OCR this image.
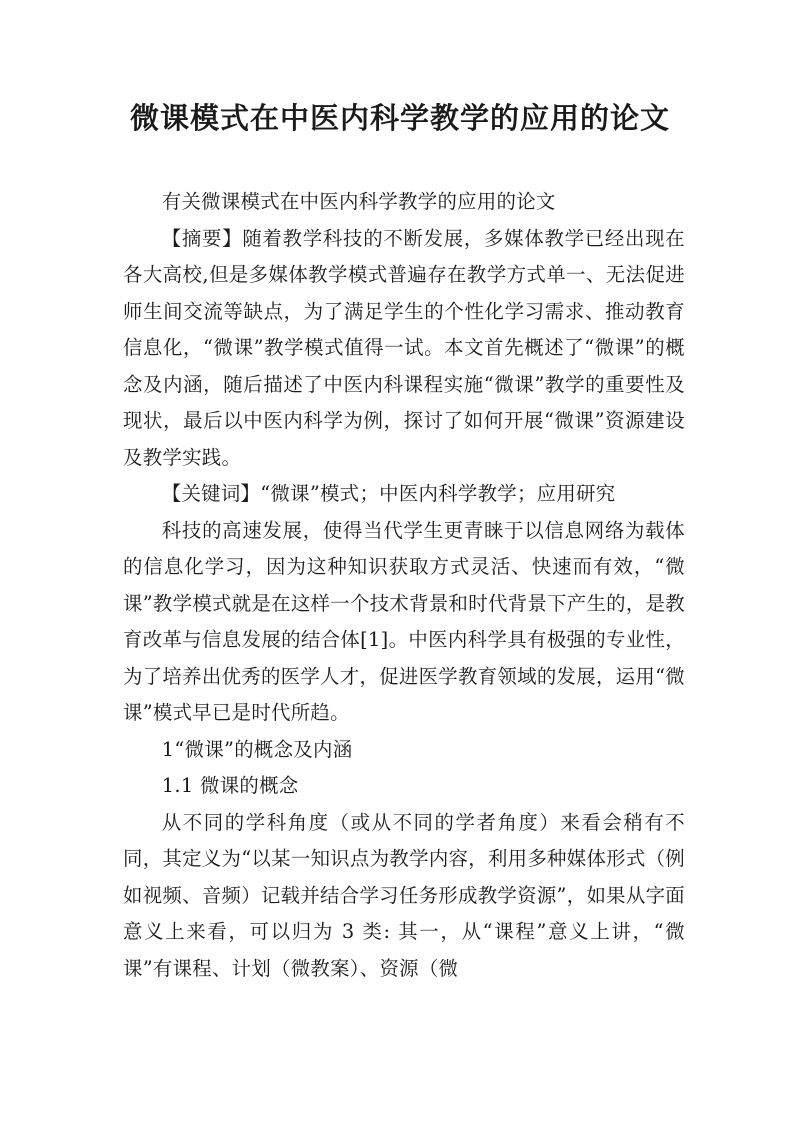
微课模式在中医内科学教学的应用的论文

有关微课模式在中医内科学教学的应用的论文

【摘要】随着教学科技的不断发展，多媒体教学已经出现在各大高校,但是多媒体教学模式普遍存在教学方式单一、无法促进师生间交流等缺点，为了满足学生的个性化学习需求、推动教育信息化，“微课”教学模式值得一试。本文首先概述了“微课”的概念及内涵，随后描述了中医内科课程实施“微课”教学的重要性及现状，最后以中医内科学为例，探讨了如何开展“微课”资源建设及教学实践。

【关键词】“微课”模式；中医内科学教学；应用研究

科技的高速发展，使得当代学生更青睐于以信息网络为载体的信息化学习，因为这种知识获取方式灵活、快速而有效，“微课”教学模式就是在这样一个技术背景和时代背景下产生的，是教育改革与信息发展的结合体[1]。中医内科学具有极强的专业性，为了培养出优秀的医学人才，促进医学教育领域的发展，运用“微课”模式早已是时代所趋。

1“微课”的概念及内涵

1.1 微课的概念

从不同的学科角度（或从不同的学者角度）来看会稍有不同，其定义为“以某一知识点为教学内容，利用多种媒体形式（例如视频、音频）记载并结合学习任务形成教学资源”，如果从字面意义上来看，可以归为 3 类: 其一，从“课程”意义上讲，“微课”有课程、计划（微教案）、资源（微
